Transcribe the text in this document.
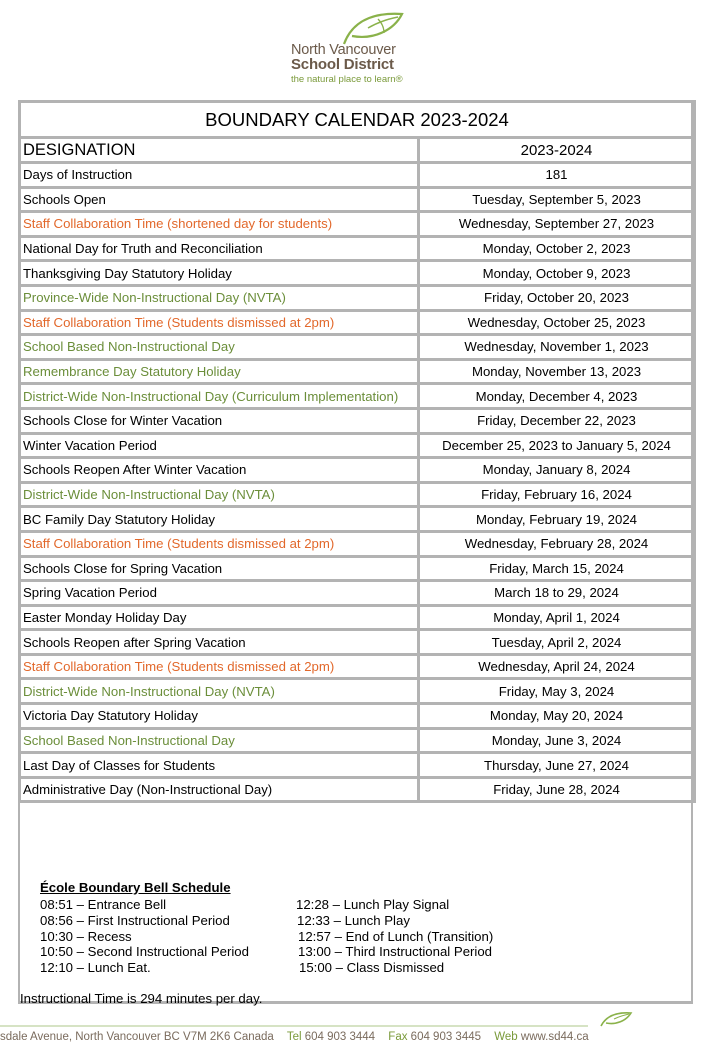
North Vancouver
School District
the natural place to learn®
BOUNDARY CALENDAR 2023-2024	
DESIGNATION	2023-2024
Days of Instruction	181
Schools Open	Tuesday, September 5, 2023
Staff Collaboration Time (shortened day for students)	Wednesday, September 27, 2023
National Day for Truth and Reconciliation	Monday, October 2, 2023
Thanksgiving Day Statutory Holiday	Monday, October 9, 2023
Province-Wide Non-Instructional Day (NVTA)	Friday, October 20, 2023
Staff Collaboration Time (Students dismissed at 2pm)	Wednesday, October 25, 2023
School Based Non-Instructional Day	Wednesday, November 1, 2023
Remembrance Day Statutory Holiday	Monday, November 13, 2023
District-Wide Non-Instructional Day (Curriculum Implementation)	Monday, December 4, 2023
Schools Close for Winter Vacation	Friday, December 22, 2023
Winter Vacation Period	December 25, 2023 to January 5, 2024
Schools Reopen After Winter Vacation	Monday, January 8, 2024
District-Wide Non-Instructional Day (NVTA)	Friday, February 16, 2024
BC Family Day Statutory Holiday	Monday, February 19, 2024
Staff Collaboration Time (Students dismissed at 2pm)	Wednesday, February 28, 2024
Schools Close for Spring Vacation	Friday, March 15, 2024
Spring Vacation Period	March 18 to 29, 2024
Easter Monday Holiday Day	Monday, April 1, 2024
Schools Reopen after Spring Vacation	Tuesday, April 2, 2024
Staff Collaboration Time (Students dismissed at 2pm)	Wednesday, April 24, 2024
District-Wide Non-Instructional Day (NVTA)	Friday, May 3, 2024
Victoria Day Statutory Holiday	Monday, May 20, 2024
School Based Non-Instructional Day	Monday, June 3, 2024
Last Day of Classes for Students	Thursday, June 27, 2024
Administrative Day (Non-Instructional Day)	Friday, June 28, 2024
École Boundary Bell Schedule
08:51 – Entrance Bell
08:56 – First Instructional Period
10:30 – Recess
10:50 – Second Instructional Period
12:10 – Lunch Eat.
12:28 – Lunch Play Signal
12:33 – Lunch Play
12:57 – End of Lunch (Transition)
13:00 – Third Instructional Period
15:00 – Class Dismissed
Instructional Time is 294 minutes per day.
sdale Avenue, North Vancouver BC V7M 2K6 Canada Tel 604 903 3444 Fax 604 903 3445 Web www.sd44.ca
